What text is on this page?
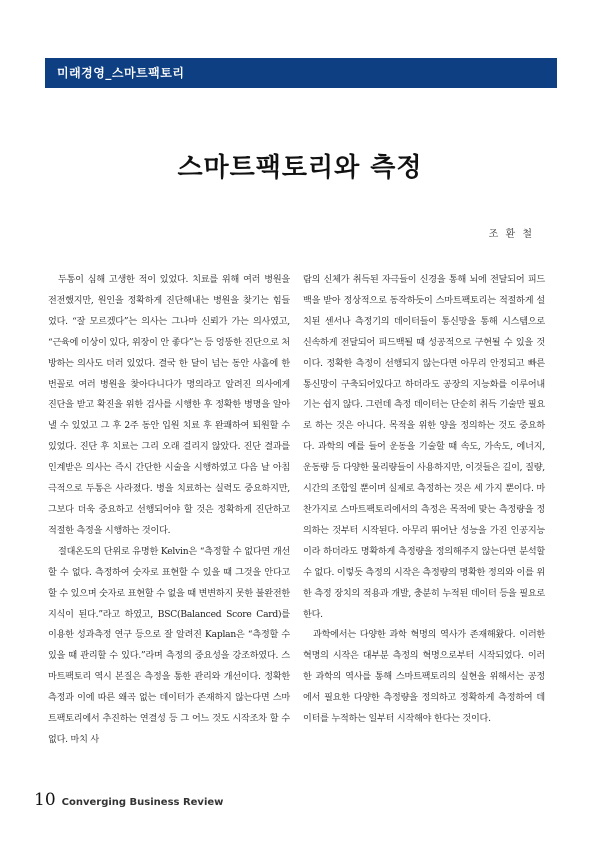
미래경영_스마트팩토리
스마트팩토리와 측정
조 환 철

두통이 심해 고생한 적이 있었다. 치료를 위해 여러 병원을 전전했지만, 원인을 정확하게 진단해내는 병원을 찾기는 힘들었다. “잘 모르겠다”는 의사는 그나마 신뢰가 가는 의사였고, “근육에 이상이 있다, 위장이 안 좋다”는 등 엉뚱한 진단으로 처방하는 의사도 더러 있었다. 결국 한 달이 넘는 동안 사흘에 한 번꼴로 여러 병원을 찾아다니다가 명의라고 알려진 의사에게 진단을 받고 확진을 위한 검사를 시행한 후 정확한 병명을 알아낼 수 있었고 그 후 2주 동안 입원 치료 후 완쾌하여 퇴원할 수 있었다. 진단 후 치료는 그리 오래 걸리지 않았다. 진단 결과를 인계받은 의사는 즉시 간단한 시술을 시행하였고 다음 날 아침 극적으로 두통은 사라졌다. 병을 치료하는 실력도 중요하지만, 그보다 더욱 중요하고 선행되어야 할 것은 정확하게 진단하고 적절한 측정을 시행하는 것이다.

절대온도의 단위로 유명한 Kelvin은 “측정할 수 없다면 개선할 수 없다. 측정하여 숫자로 표현할 수 있을 때 그것을 안다고 할 수 있으며 숫자로 표현할 수 없을 때 변변하지 못한 불완전한 지식이 된다.”라고 하였고, BSC(Balanced Score Card)를 이용한 성과측정 연구 등으로 잘 알려진 Kaplan은 “측정할 수 있을 때 관리할 수 있다.”라며 측정의 중요성을 강조하였다. 스마트팩토리 역시 본질은 측정을 통한 관리와 개선이다. 정확한 측정과 이에 따른 왜곡 없는 데이터가 존재하지 않는다면 스마트팩토리에서 추진하는 연결성 등 그 어느 것도 시작조차 할 수 없다. 마치 사

람의 신체가 취득된 자극들이 신경을 통해 뇌에 전달되어 피드백을 받아 정상적으로 동작하듯이 스마트팩토리는 적절하게 설치된 센서나 측정기의 데이터들이 통신망을 통해 시스템으로 신속하게 전달되어 피드백될 때 성공적으로 구현될 수 있을 것이다. 정확한 측정이 선행되지 않는다면 아무리 안정되고 빠른 통신망이 구축되어있다고 하더라도 공장의 지능화를 이루어내기는 쉽지 않다. 그런데 측정 데이터는 단순히 취득 기술만 필요로 하는 것은 아니다. 목적을 위한 양을 정의하는 것도 중요하다. 과학의 예를 들어 운동을 기술할 때 속도, 가속도, 에너지, 운동량 등 다양한 물리량들이 사용하지만, 이것들은 길이, 질량, 시간의 조합일 뿐이며 실제로 측정하는 것은 세 가지 뿐이다. 마찬가지로 스마트팩토리에서의 측정은 목적에 맞는 측정량을 정의하는 것부터 시작된다. 아무리 뛰어난 성능을 가진 인공지능이라 하더라도 명확하게 측정량을 정의해주지 않는다면 분석할 수 없다. 이렇듯 측정의 시작은 측정량의 명확한 정의와 이를 위한 측정 장치의 적용과 개발, 충분히 누적된 데이터 등을 필요로 한다.

과학에서는 다양한 과학 혁명의 역사가 존재해왔다. 이러한 혁명의 시작은 대부분 측정의 혁명으로부터 시작되었다. 이러한 과학의 역사를 통해 스마트팩토리의 실현을 위해서는 공정에서 필요한 다양한 측정량을 정의하고 정확하게 측정하여 데이터를 누적하는 일부터 시작해야 한다는 것이다.

10 Converging Business Review
